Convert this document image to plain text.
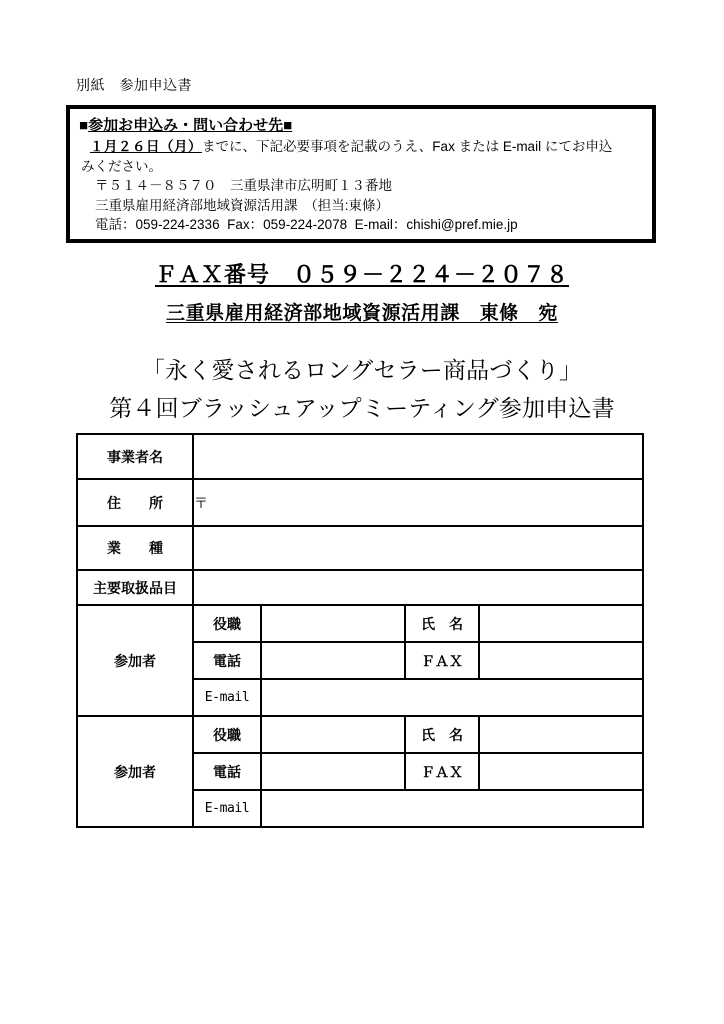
別紙　参加申込書
■参加お申込み・問い合わせ先■
１月２６日（月）までに、下記必要事項を記載のうえ、Fax または E-mail にてお申込
みください。
〒５１４－８５７０　三重県津市広明町１３番地
三重県雇用経済部地域資源活用課　（担当:東條）
電話：059-224-2336  Fax：059-224-2078  E-mail：chishi@pref.mie.jp
ＦＡＸ番号　０５９－２２４－２０７８
三重県雇用経済部地域資源活用課　東條　宛
「永く愛されるロングセラー商品づくり」
第４回ブラッシュアップミーティング参加申込書
事業者名				
住　　所	〒			
業　　種				
主要取扱品目				
参加者	役職		氏　名	
	電話		ＦＡＸ	
	E-mail			
参加者	役職		氏　名	
	電話		ＦＡＸ	
	E-mail			
